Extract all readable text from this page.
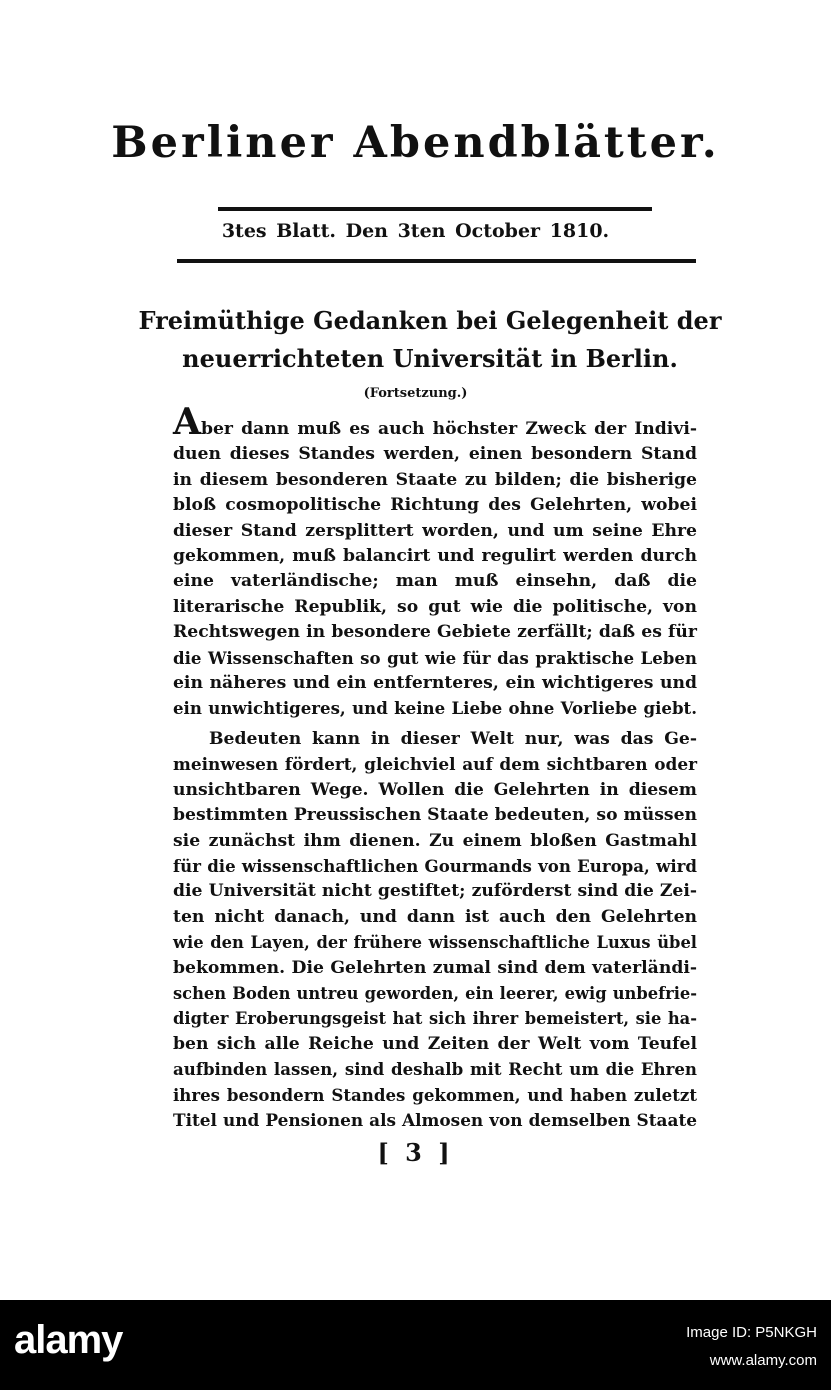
Berliner Abendblätter.
3tes Blatt. Den 3ten October 1810.
Freimüthige Gedanken bei Gelegenheit der
neuerrichteten Universität in Berlin.
(Fortsetzung.)
Aber dann muß es auch höchster Zweck der Indivi-
duen dieses Standes werden, einen besondern Stand
in diesem besonderen Staate zu bilden; die bisherige
bloß cosmopolitische Richtung des Gelehrten, wobei
dieser Stand zersplittert worden, und um seine Ehre
gekommen, muß balancirt und regulirt werden durch
eine vaterländische; man muß einsehn, daß die
literarische Republik, so gut wie die politische, von
Rechtswegen in besondere Gebiete zerfällt; daß es für
die Wissenschaften so gut wie für das praktische Leben
ein näheres und ein entfernteres, ein wichtigeres und
ein unwichtigeres, und keine Liebe ohne Vorliebe giebt.
Bedeuten kann in dieser Welt nur, was das Ge-
meinwesen fördert, gleichviel auf dem sichtbaren oder
unsichtbaren Wege. Wollen die Gelehrten in diesem
bestimmten Preussischen Staate bedeuten, so müssen
sie zunächst ihm dienen. Zu einem bloßen Gastmahl
für die wissenschaftlichen Gourmands von Europa, wird
die Universität nicht gestiftet; zuförderst sind die Zei-
ten nicht danach, und dann ist auch den Gelehrten
wie den Layen, der frühere wissenschaftliche Luxus übel
bekommen. Die Gelehrten zumal sind dem vaterländi-
schen Boden untreu geworden, ein leerer, ewig unbefrie-
digter Eroberungsgeist hat sich ihrer bemeistert, sie ha-
ben sich alle Reiche und Zeiten der Welt vom Teufel
aufbinden lassen, sind deshalb mit Recht um die Ehren
ihres besondern Standes gekommen, und haben zuletzt
Titel und Pensionen als Almosen von demselben Staate
[ 3 ]
alamy	Image ID: P5NKGH
www.alamy.com
